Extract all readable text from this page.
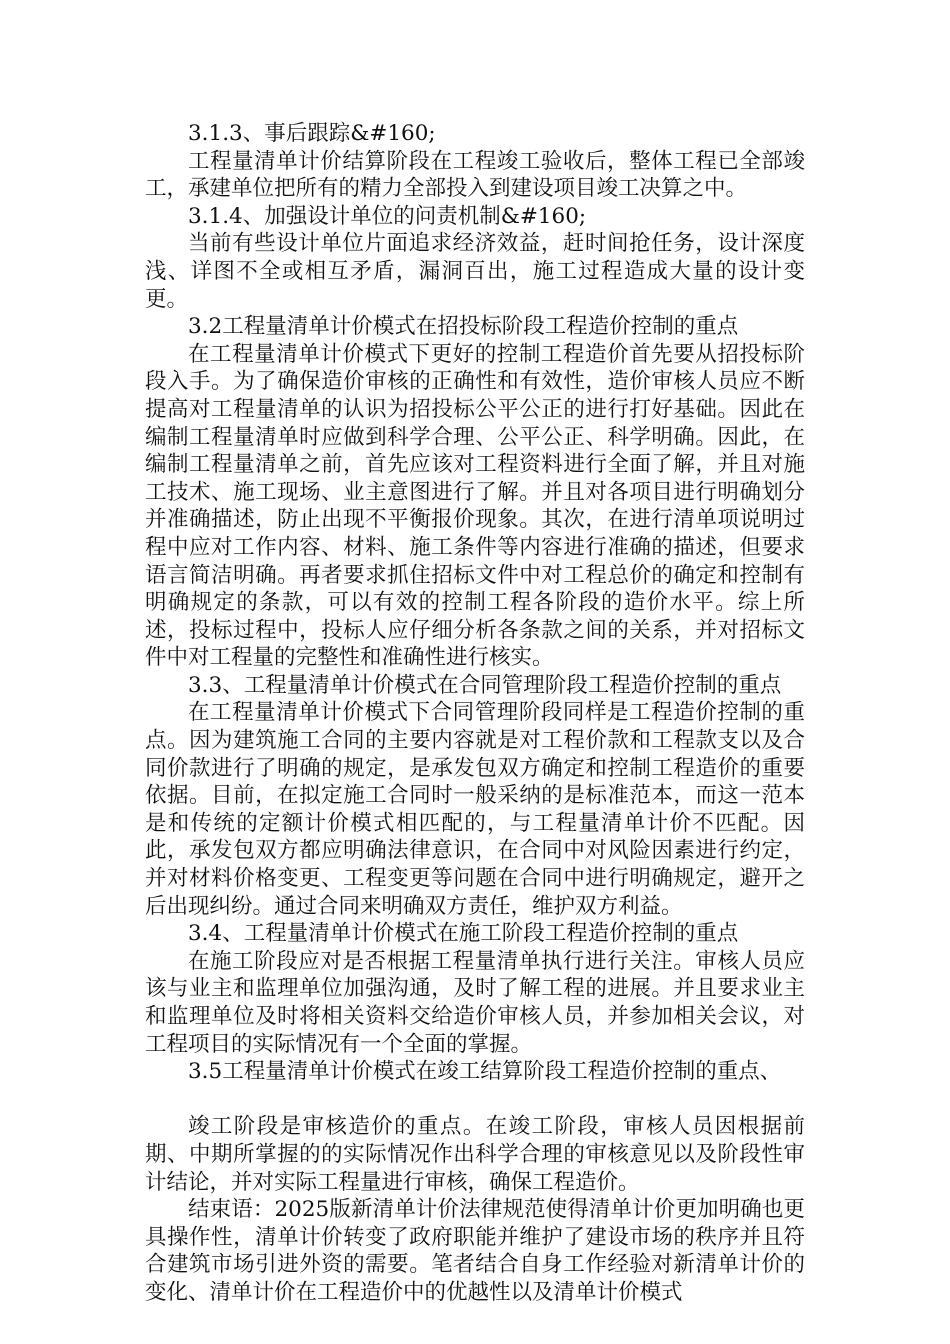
3.1.3、事后跟踪&#160;

工程量清单计价结算阶段在工程竣工验收后，整体工程已全部竣工，承建单位把所有的精力全部投入到建设项目竣工决算之中。

3.1.4、加强设计单位的问责机制&#160;

当前有些设计单位片面追求经济效益，赶时间抢任务，设计深度浅、详图不全或相互矛盾，漏洞百出，施工过程造成大量的设计变更。

3.2工程量清单计价模式在招投标阶段工程造价控制的重点

在工程量清单计价模式下更好的控制工程造价首先要从招投标阶段入手。为了确保造价审核的正确性和有效性，造价审核人员应不断提高对工程量清单的认识为招投标公平公正的进行打好基础。因此在编制工程量清单时应做到科学合理、公平公正、科学明确。因此，在编制工程量清单之前，首先应该对工程资料进行全面了解，并且对施工技术、施工现场、业主意图进行了解。并且对各项目进行明确划分并准确描述，防止出现不平衡报价现象。其次，在进行清单项说明过程中应对工作内容、材料、施工条件等内容进行准确的描述，但要求语言简洁明确。再者要求抓住招标文件中对工程总价的确定和控制有明确规定的条款，可以有效的控制工程各阶段的造价水平。综上所述，投标过程中，投标人应仔细分析各条款之间的关系，并对招标文件中对工程量的完整性和准确性进行核实。

3.3、工程量清单计价模式在合同管理阶段工程造价控制的重点

在工程量清单计价模式下合同管理阶段同样是工程造价控制的重点。因为建筑施工合同的主要内容就是对工程价款和工程款支以及合同价款进行了明确的规定，是承发包双方确定和控制工程造价的重要依据。目前，在拟定施工合同时一般采纳的是标准范本，而这一范本是和传统的定额计价模式相匹配的，与工程量清单计价不匹配。因此，承发包双方都应明确法律意识，在合同中对风险因素进行约定，并对材料价格变更、工程变更等问题在合同中进行明确规定，避开之后出现纠纷。通过合同来明确双方责任，维护双方利益。

3.4、工程量清单计价模式在施工阶段工程造价控制的重点

在施工阶段应对是否根据工程量清单执行进行关注。审核人员应该与业主和监理单位加强沟通，及时了解工程的进展。并且要求业主和监理单位及时将相关资料交给造价审核人员，并参加相关会议，对工程项目的实际情况有一个全面的掌握。

3.5工程量清单计价模式在竣工结算阶段工程造价控制的重点、

竣工阶段是审核造价的重点。在竣工阶段，审核人员因根据前期、中期所掌握的的实际情况作出科学合理的审核意见以及阶段性审计结论，并对实际工程量进行审核，确保工程造价。

结束语：2025版新清单计价法律规范使得清单计价更加明确也更具操作性，清单计价转变了政府职能并维护了建设市场的秩序并且符合建筑市场引进外资的需要。笔者结合自身工作经验对新清单计价的变化、清单计价在工程造价中的优越性以及清单计价模式
